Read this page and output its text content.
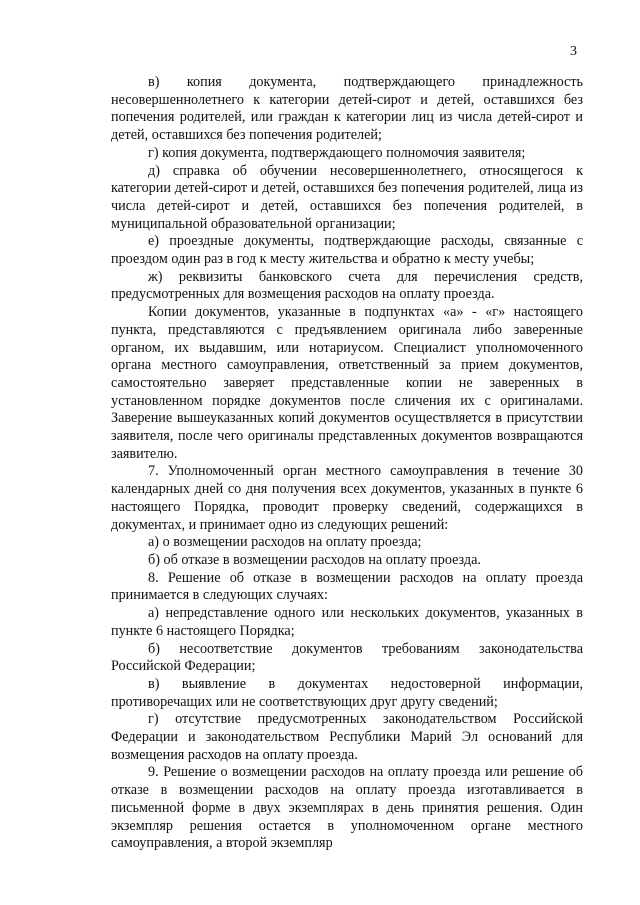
3

в) копия документа, подтверждающего принадлежность несовершеннолетнего к категории детей-сирот и детей, оставшихся без попечения родителей, или граждан к категории лиц из числа детей-сирот и детей, оставшихся без попечения родителей;

г) копия документа, подтверждающего полномочия заявителя;

д) справка об обучении несовершеннолетнего, относящегося к категории детей-сирот и детей, оставшихся без попечения родителей, лица из числа детей-сирот и детей, оставшихся без попечения родителей, в муниципальной образовательной организации;

е) проездные документы, подтверждающие расходы, связанные с проездом один раз в год к месту жительства и обратно к месту учебы;

ж) реквизиты банковского счета для перечисления средств, предусмотренных для возмещения расходов на оплату проезда.

Копии документов, указанные в подпунктах «а» - «г» настоящего пункта, представляются с предъявлением оригинала либо заверенные органом, их выдавшим, или нотариусом. Специалист уполномоченного органа местного самоуправления, ответственный за прием документов, самостоятельно заверяет представленные копии не заверенных в установленном порядке документов после сличения их с оригиналами. Заверение вышеуказанных копий документов осуществляется в присутствии заявителя, после чего оригиналы представленных документов возвращаются заявителю.

7. Уполномоченный орган местного самоуправления в течение 30 календарных дней со дня получения всех документов, указанных в пункте 6 настоящего Порядка, проводит проверку сведений, содержащихся в документах, и принимает одно из следующих решений:

а) о возмещении расходов на оплату проезда;

б) об отказе в возмещении расходов на оплату проезда.

8. Решение об отказе в возмещении расходов на оплату проезда принимается в следующих случаях:

а) непредставление одного или нескольких документов, указанных в пункте 6 настоящего Порядка;

б) несоответствие документов требованиям законодательства Российской Федерации;

в) выявление в документах недостоверной информации, противоречащих или не соответствующих друг другу сведений;

г) отсутствие предусмотренных законодательством Российской Федерации и законодательством Республики Марий Эл оснований для возмещения расходов на оплату проезда.

9. Решение о возмещении расходов на оплату проезда или решение об отказе в возмещении расходов на оплату проезда изготавливается в письменной форме в двух экземплярах в день принятия решения. Один экземпляр решения остается в уполномоченном органе местного самоуправления, а второй экземпляр
